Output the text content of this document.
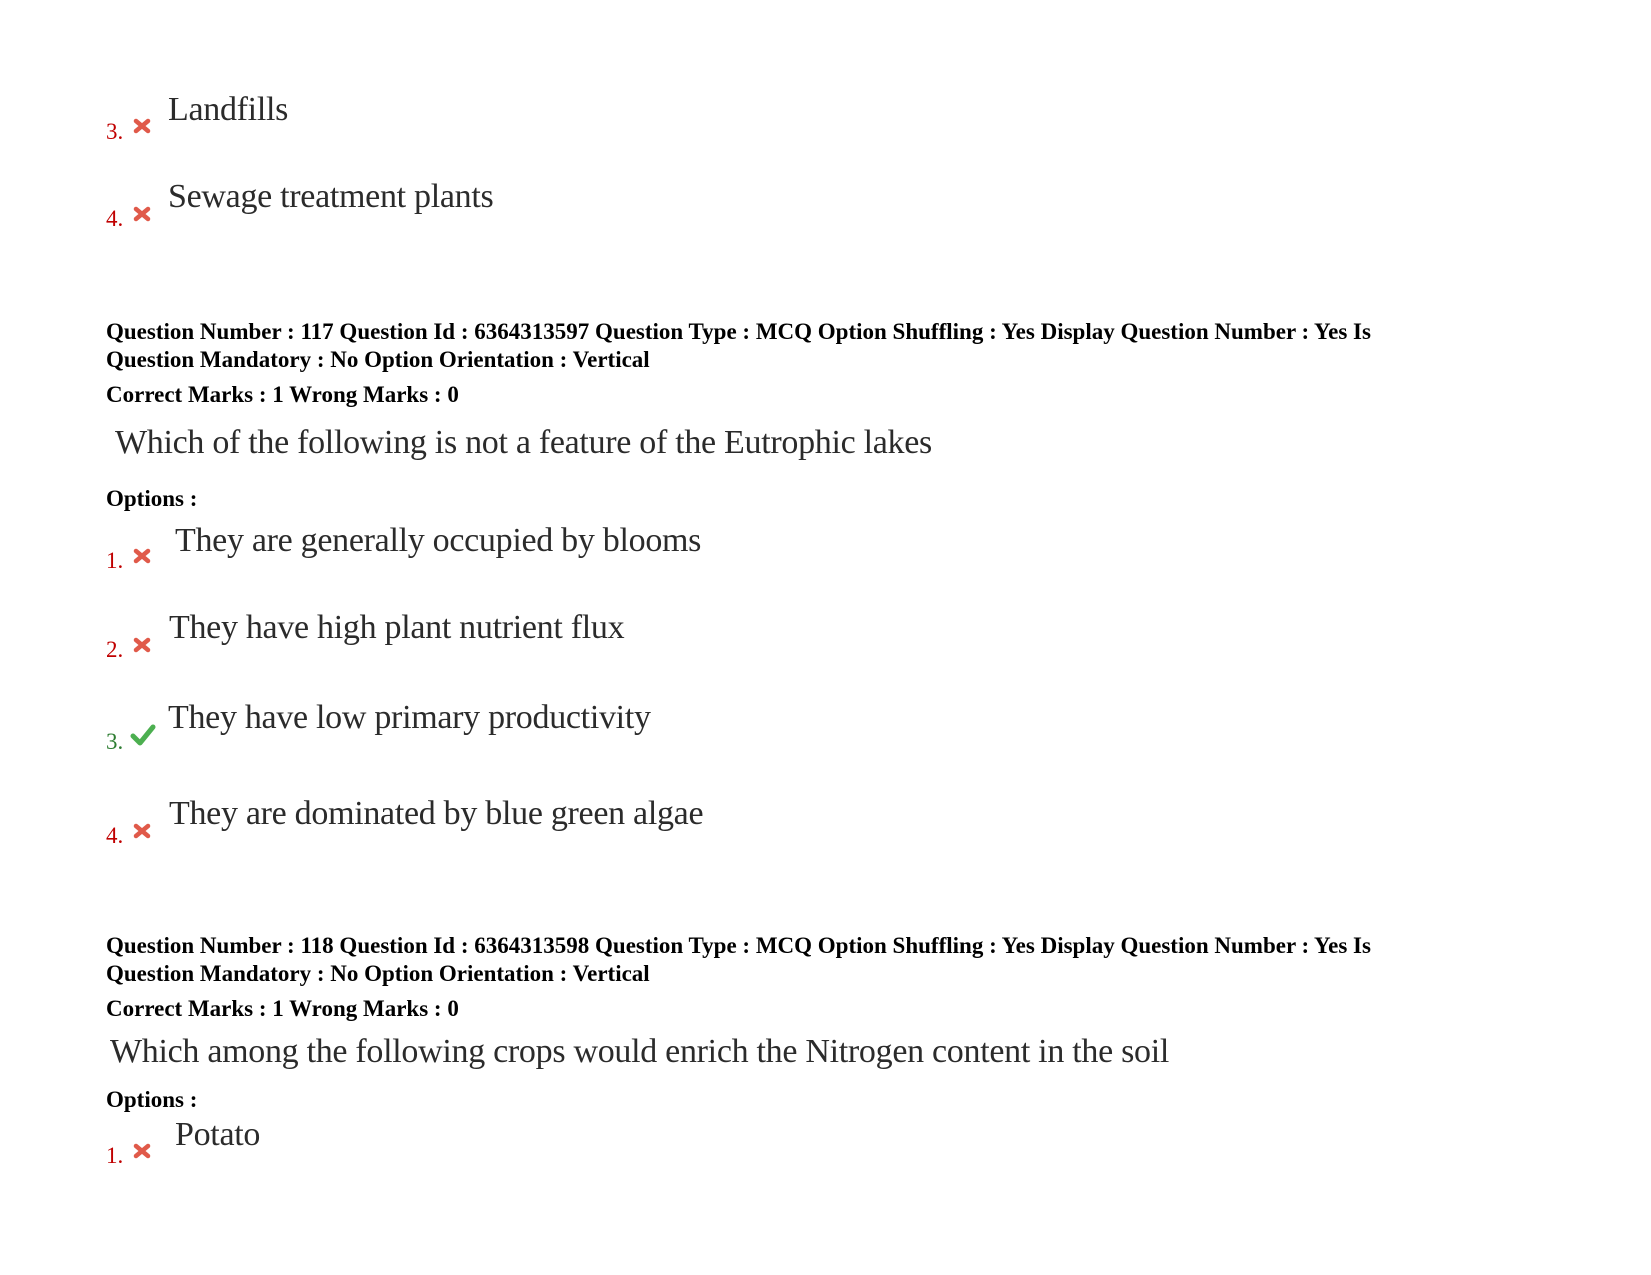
3.
Landfills
4.
Sewage treatment plants

Question Number : 117 Question Id : 6364313597 Question Type : MCQ Option Shuffling : Yes Display Question Number : Yes Is
Question Mandatory : No Option Orientation : Vertical

Correct Marks : 1 Wrong Marks : 0
Which of the following is not a feature of the Eutrophic lakes
Options :
1.
They are generally occupied by blooms
2.
They have high plant nutrient flux
3.
They have low primary productivity
4.
They are dominated by blue green algae

Question Number : 118 Question Id : 6364313598 Question Type : MCQ Option Shuffling : Yes Display Question Number : Yes Is
Question Mandatory : No Option Orientation : Vertical

Correct Marks : 1 Wrong Marks : 0
Which among the following crops would enrich the Nitrogen content in the soil
Options :
1.
Potato
